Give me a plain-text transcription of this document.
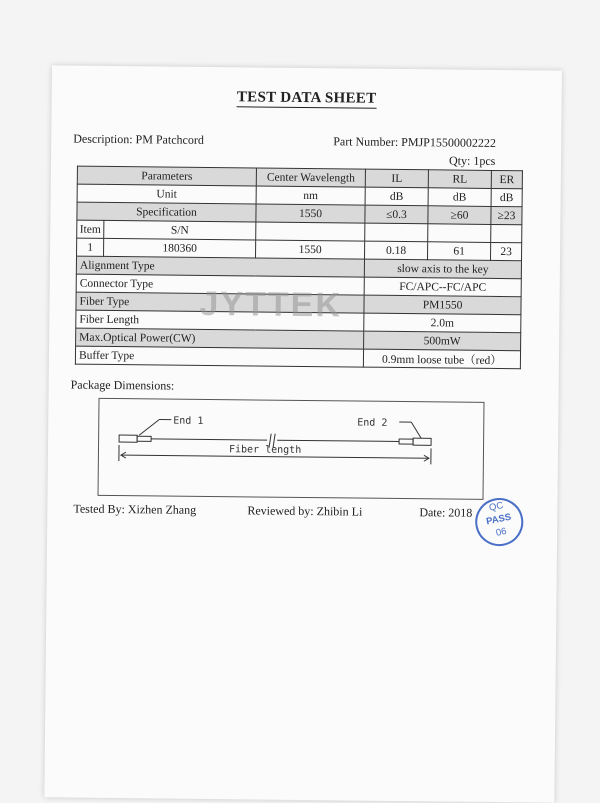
TEST DATA SHEET
Description: PM Patchcord	Part Number: PMJP15500002222
Qty: 1pcs
Parameters		Center Wavelength	IL	RL	ER
Unit		nm	dB	dB	dB
Specification		1550	≤0.3	≥60	≥23
Item	S/N				
1	180360	1550	0.18	61	23
Alignment Type			slow axis to the key		
Connector Type			FC/APC--FC/APC		
Fiber Type			PM1550		
Fiber Length			2.0m		
Max.Optical Power(CW)			500mW		
Buffer Type			0.9mm loose tube（red）		
JYTTEK
Package Dimensions:
End 1	End 2
Fiber length
Tested By: Xizhen Zhang	Reviewed by: Zhibin Li	Date: 2018	QC
PASS
06
